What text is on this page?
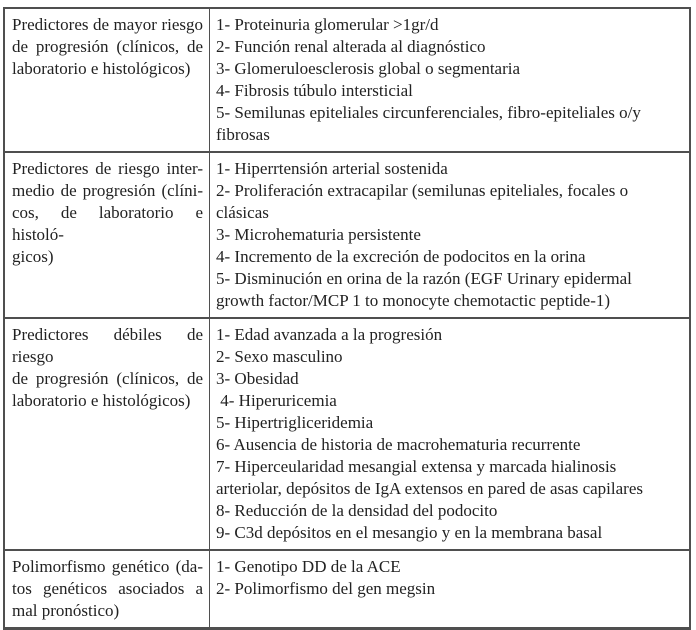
Predictores de mayor riesgo
de progresión (clínicos, de
laboratorio e histológicos)
1- Proteinuria glomerular >1gr/d
2- Función renal alterada al diagnóstico
3- Glomeruloesclerosis global o segmentaria
4- Fibrosis túbulo intersticial
5- Semilunas epiteliales circunferenciales, fibro-epiteliales o/y fibrosas
Predictores de riesgo inter-
medio de progresión (clíni-
cos, de laboratorio e histoló-
gicos)
1- Hiperrtensión arterial sostenida
2- Proliferación extracapilar (semilunas epiteliales, focales o clásicas
3- Microhematuria persistente
4- Incremento de la excreción de podocitos en la orina
5- Disminución en orina de la razón (EGF Urinary epidermal growth factor/MCP 1 to monocyte chemotactic peptide-1)
Predictores débiles de riesgo
de progresión (clínicos, de
laboratorio e histológicos)
1- Edad avanzada a la progresión
2- Sexo masculino
3- Obesidad
4- Hiperuricemia
5- Hipertrigliceridemia
6- Ausencia de historia de macrohematuria recurrente
7- Hiperceularidad mesangial extensa y marcada hialinosis arteriolar, depósitos de IgA extensos en pared de asas capilares
8- Reducción de la densidad del podocito
9- C3d depósitos en el mesangio y en la membrana basal
Polimorfismo genético (da-
tos genéticos asociados a
mal pronóstico)
1- Genotipo DD de la ACE
2- Polimorfismo del gen megsin
